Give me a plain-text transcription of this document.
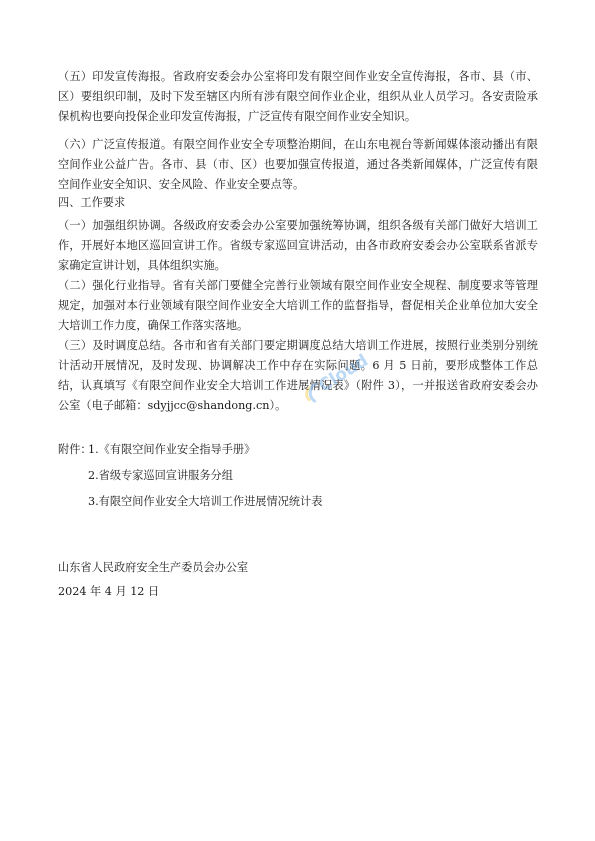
（五）印发宣传海报。省政府安委会办公室将印发有限空间作业安全宣传海报，各市、县（市、区）要组织印制，及时下发至辖区内所有涉有限空间作业企业，组织从业人员学习。各安责险承保机构也要向投保企业印发宣传海报，广泛宣传有限空间作业安全知识。

（六）广泛宣传报道。有限空间作业安全专项整治期间，在山东电视台等新闻媒体滚动播出有限空间作业公益广告。各市、县（市、区）也要加强宣传报道，通过各类新闻媒体，广泛宣传有限空间作业安全知识、安全风险、作业安全要点等。

四、工作要求

（一）加强组织协调。各级政府安委会办公室要加强统筹协调，组织各级有关部门做好大培训工作，开展好本地区巡回宣讲工作。省级专家巡回宣讲活动，由各市政府安委会办公室联系省派专家确定宣讲计划，具体组织实施。

（二）强化行业指导。省有关部门要健全完善行业领域有限空间作业安全规程、制度要求等管理规定，加强对本行业领域有限空间作业安全大培训工作的监督指导，督促相关企业单位加大安全大培训工作力度，确保工作落实落地。

（三）及时调度总结。各市和省有关部门要定期调度总结大培训工作进展，按照行业类别分别统计活动开展情况，及时发现、协调解决工作中存在实际问题。6 月 5 日前，要形成整体工作总结，认真填写《有限空间作业安全大培训工作进展情况表》（附件 3），一并报送省政府安委会办公室（电子邮箱：sdyjjcc@shandong.cn）。

Cloud

附件：

1.《有限空间作业安全指导手册》

2.省级专家巡回宣讲服务分组

3.有限空间作业安全大培训工作进展情况统计表

山东省人民政府安全生产委员会办公室

2024 年 4 月 12 日
